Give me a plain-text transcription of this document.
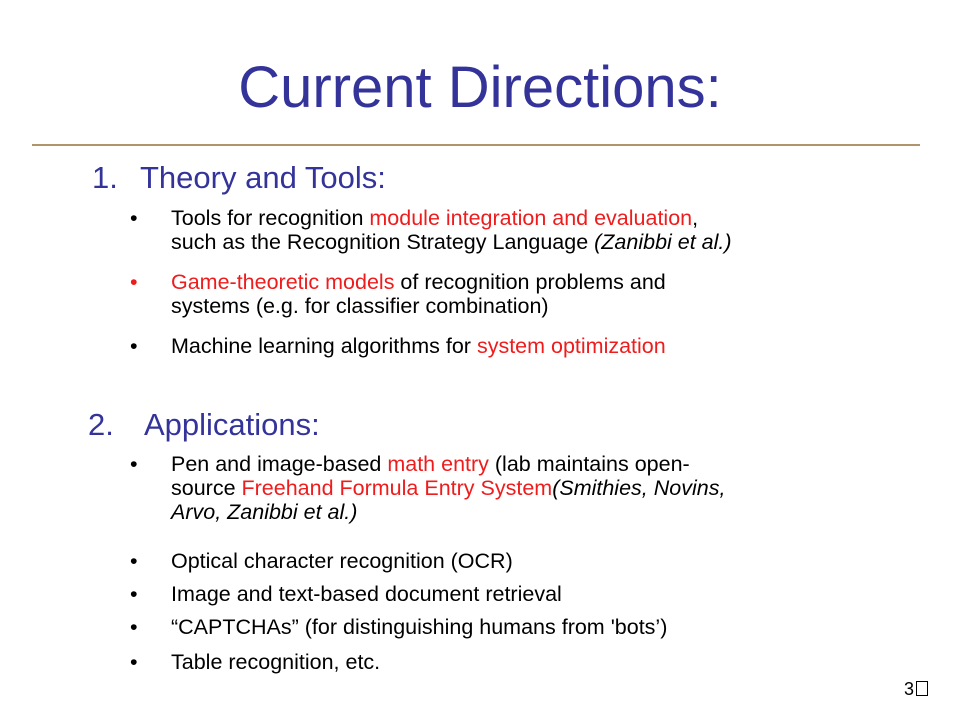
Current Directions:
1. Theory and Tools:
• Tools for recognition module integration and evaluation,
such as the Recognition Strategy Language (Zanibbi et al.)
• Game-theoretic models of recognition problems and
systems (e.g. for classifier combination)
• Machine learning algorithms for system optimization
2. Applications:
• Pen and image-based math entry (lab maintains open-
source Freehand Formula Entry System(Smithies, Novins,
Arvo, Zanibbi et al.)
• Optical character recognition (OCR)
• Image and text-based document retrieval
• “CAPTCHAs” (for distinguishing humans from 'bots’)
• Table recognition, etc.
3
